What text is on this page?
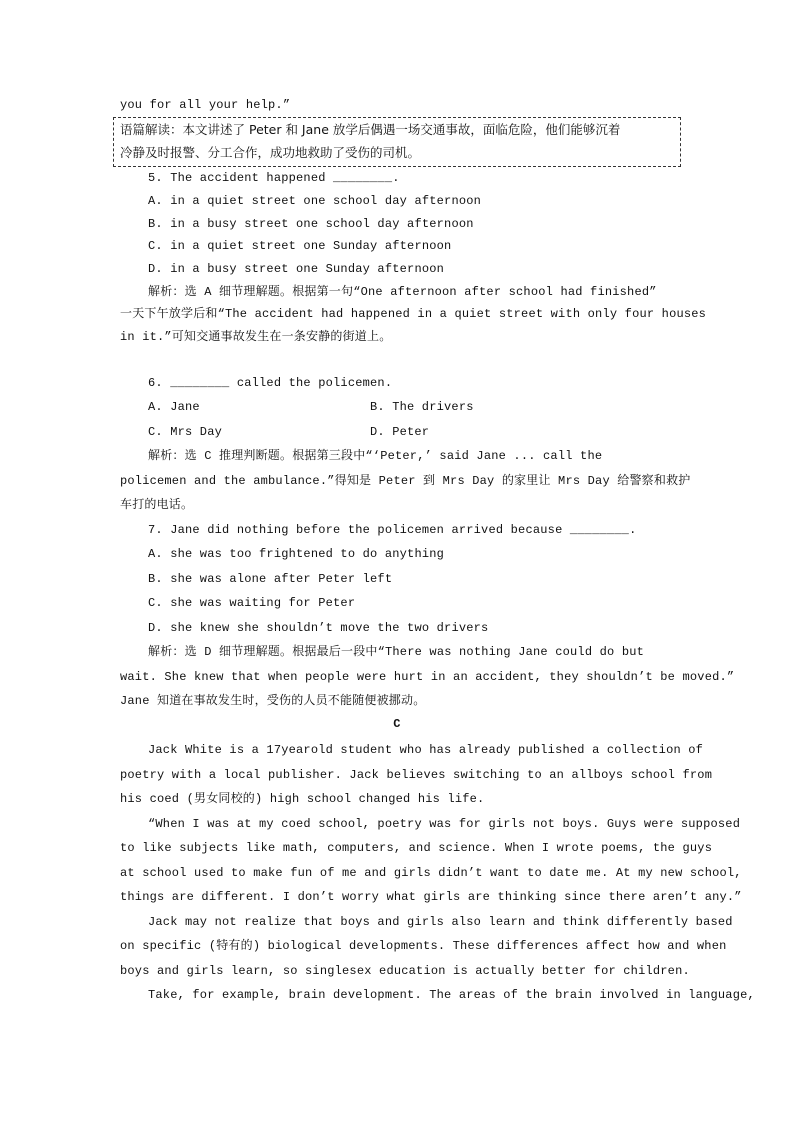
you for all your help.”
语篇解读：本文讲述了 Peter 和 Jane 放学后偶遇一场交通事故，面临危险，他们能够沉着
冷静及时报警、分工合作，成功地救助了受伤的司机。
5. The accident happened ________.
A. in a quiet street one school day afternoon
B. in a busy street one school day afternoon
C. in a quiet street one Sunday afternoon
D. in a busy street one Sunday afternoon
解析：选 A 细节理解题。根据第一句“One afternoon after school had finished”
一天下午放学后和“The accident had happened in a quiet street with only four houses
in it.”可知交通事故发生在一条安静的街道上。
6. ________ called the policemen.
A. Jane	B. The drivers
C. Mrs Day	D. Peter
解析：选 C 推理判断题。根据第三段中“‘Peter,’ said Jane ... call the
policemen and the ambulance.”得知是 Peter 到 Mrs Day 的家里让 Mrs Day 给警察和救护
车打的电话。
7. Jane did nothing before the policemen arrived because ________.
A. she was too frightened to do anything
B. she was alone after Peter left
C. she was waiting for Peter
D. she knew she shouldn’t move the two drivers
解析：选 D 细节理解题。根据最后一段中“There was nothing Jane could do but
wait. She knew that when people were hurt in an accident, they shouldn’t be moved.”
Jane 知道在事故发生时，受伤的人员不能随便被挪动。
C
Jack White is a 17yearold student who has already published a collection of
poetry with a local publisher. Jack believes switching to an allboys school from
his coed (男女同校的) high school changed his life.
“When I was at my coed school, poetry was for girls not boys. Guys were supposed
to like subjects like math, computers, and science. When I wrote poems, the guys
at school used to make fun of me and girls didn’t want to date me. At my new school,
things are different. I don’t worry what girls are thinking since there aren’t any.”
Jack may not realize that boys and girls also learn and think differently based
on specific (特有的) biological developments. These differences affect how and when
boys and girls learn, so singlesex education is actually better for children.
Take, for example, brain development. The areas of the brain involved in language,
